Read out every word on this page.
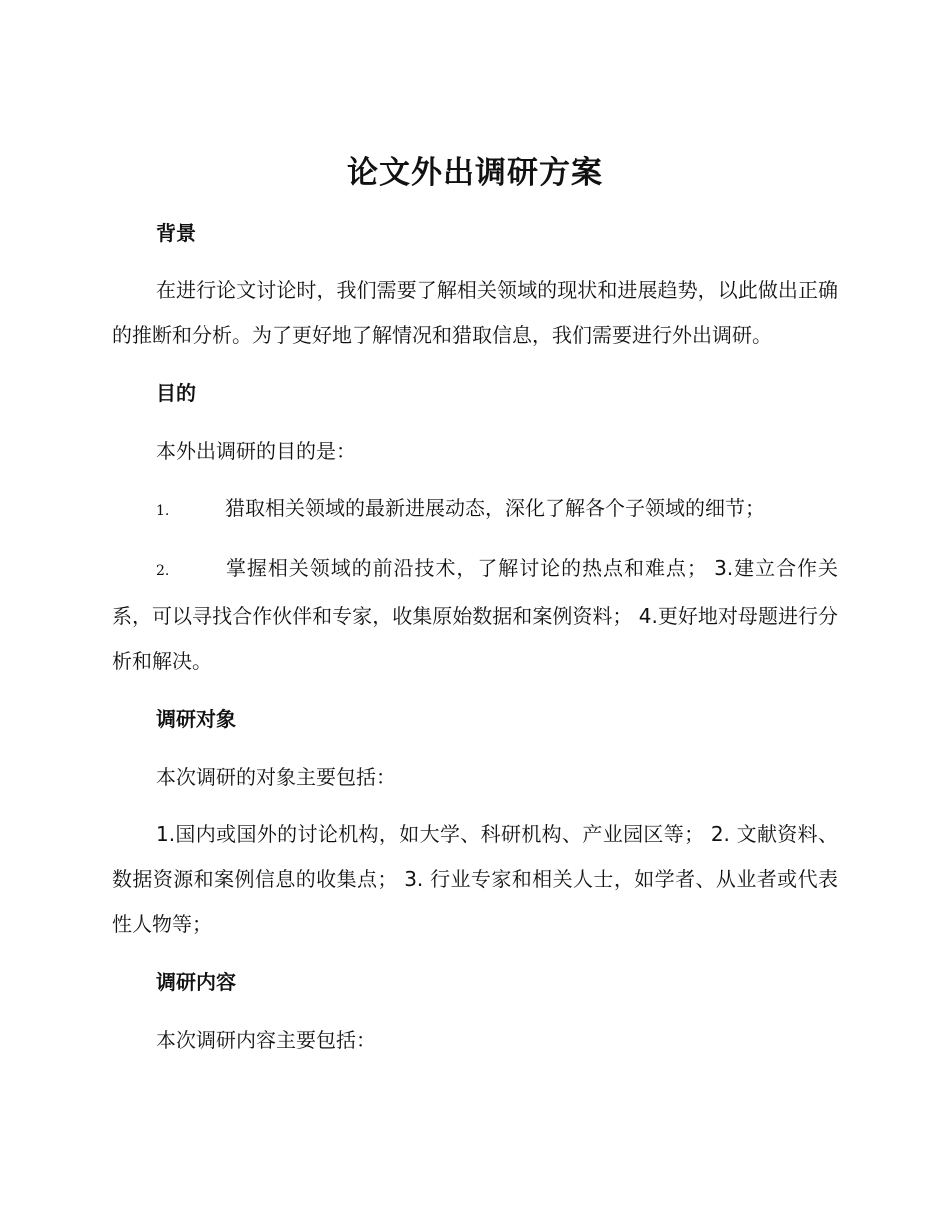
论文外出调研方案
背景

在进行论文讨论时，我们需要了解相关领域的现状和进展趋势，以此做出正确的推断和分析。为了更好地了解情况和猎取信息，我们需要进行外出调研。

目的

本外出调研的目的是：

1.	猎取相关领域的最新进展动态，深化了解各个子领域的细节；

2.	掌握相关领域的前沿技术，了解讨论的热点和难点； 3.建立合作关系，可以寻找合作伙伴和专家，收集原始数据和案例资料； 4.更好地对母题进行分析和解决。

调研对象

本次调研的对象主要包括：

1.国内或国外的讨论机构，如大学、科研机构、产业园区等； 2. 文献资料、数据资源和案例信息的收集点； 3. 行业专家和相关人士，如学者、从业者或代表性人物等；

调研内容

本次调研内容主要包括：
